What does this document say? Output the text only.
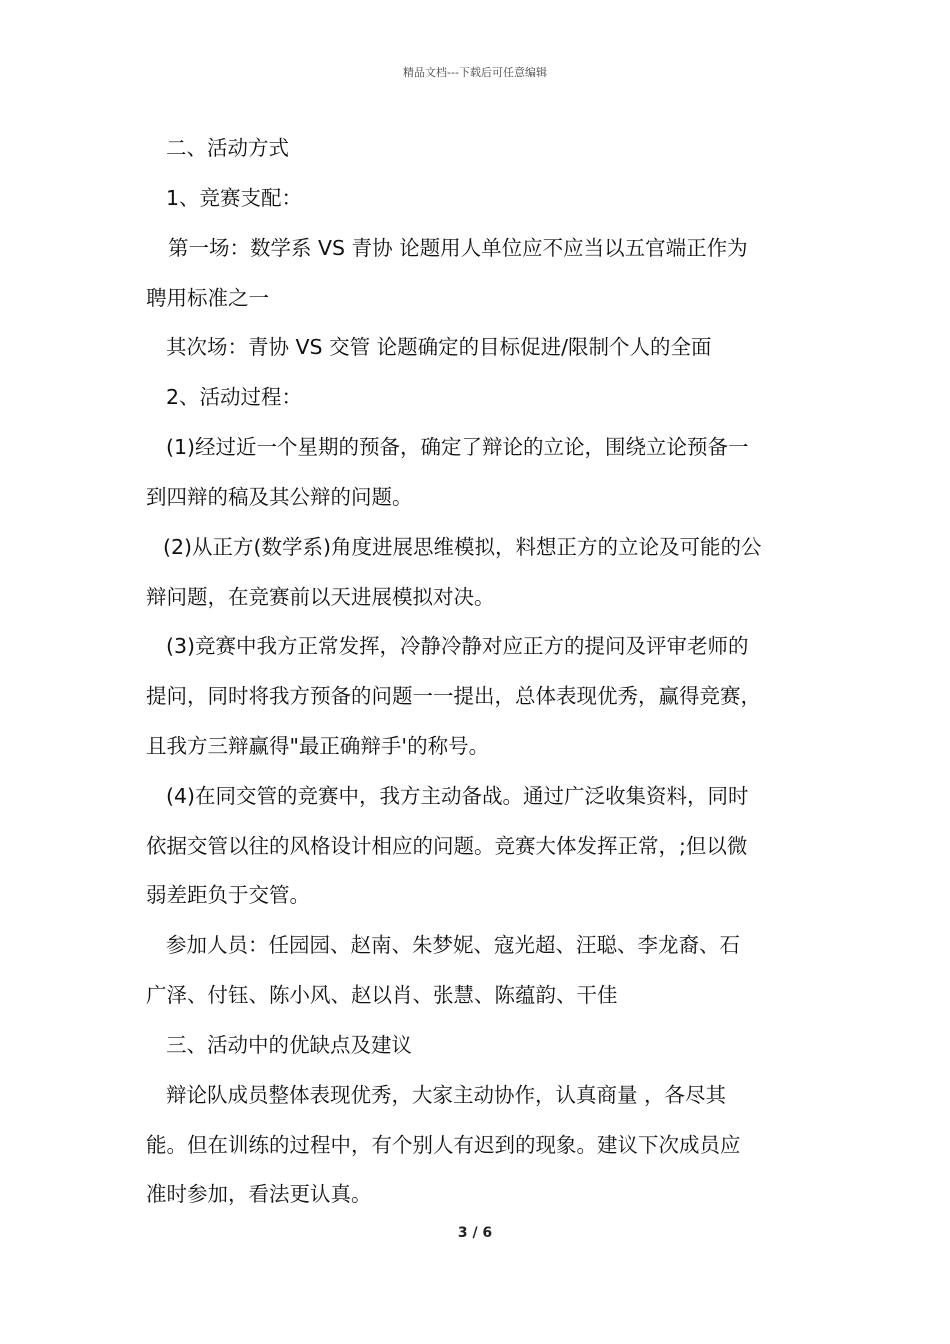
精品文档---下载后可任意编辑
二、活动方式
1、竞赛支配：
第一场：数学系 VS 青协 论题用人单位应不应当以五官端正作为
聘用标准之一
其次场：青协 VS 交管 论题确定的目标促进/限制个人的全面
2、活动过程：
(1)经过近一个星期的预备，确定了辩论的立论，围绕立论预备一
到四辩的稿及其公辩的问题。
(2)从正方(数学系)角度进展思维模拟，料想正方的立论及可能的公
辩问题，在竞赛前以天进展模拟对决。
(3)竞赛中我方正常发挥，冷静冷静对应正方的提问及评审老师的
提问，同时将我方预备的问题一一提出，总体表现优秀，赢得竞赛，
且我方三辩赢得"最正确辩手'的称号。
(4)在同交管的竞赛中，我方主动备战。通过广泛收集资料，同时
依据交管以往的风格设计相应的问题。竞赛大体发挥正常，;但以微
弱差距负于交管。
参加人员：任园园、赵南、朱梦妮、寇光超、汪聪、李龙裔、石
广泽、付钰、陈小风、赵以肖、张慧、陈蕴韵、干佳
三、活动中的优缺点及建议
辩论队成员整体表现优秀，大家主动协作，认真商量 ，各尽其
能。但在训练的过程中，有个别人有迟到的现象。建议下次成员应
准时参加，看法更认真。
3 / 6
